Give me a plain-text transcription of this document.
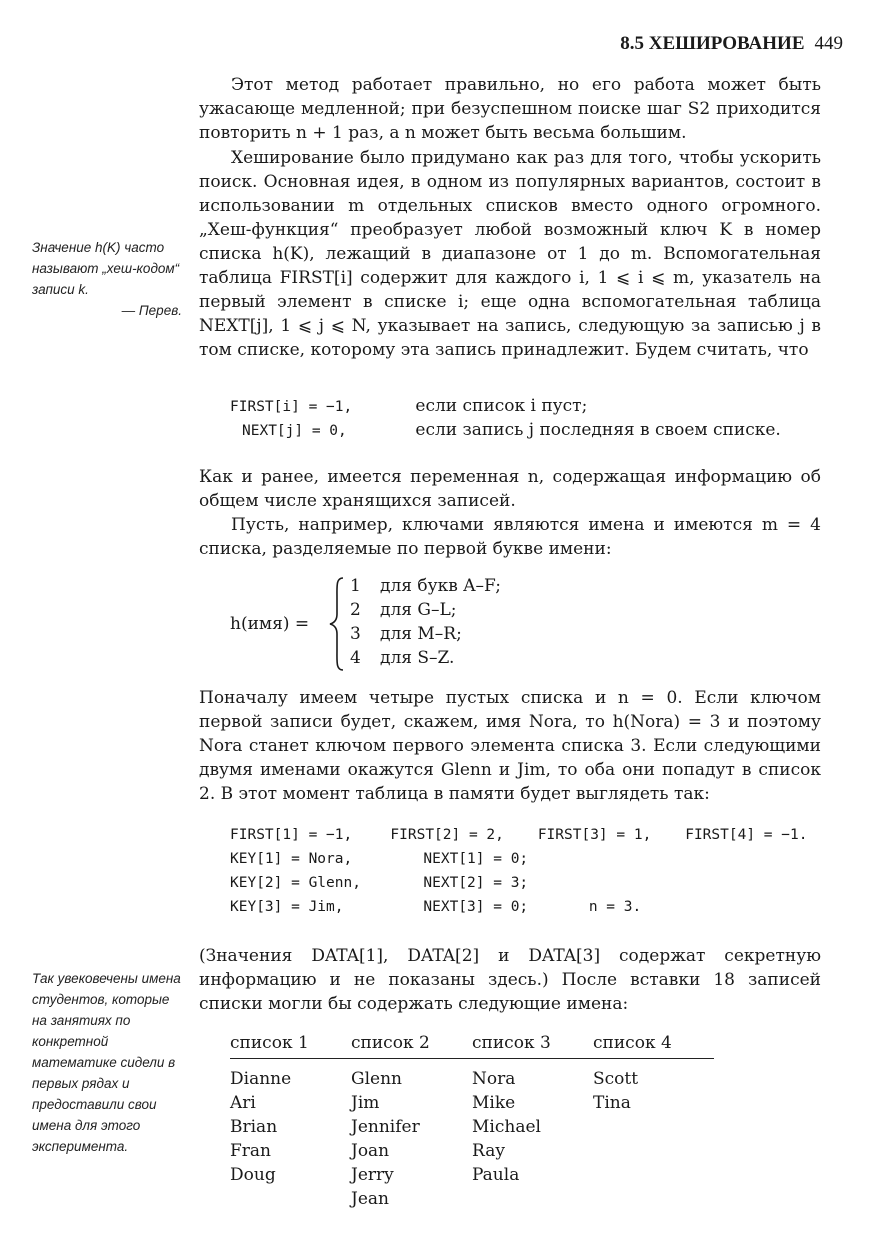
8.5 ХЕШИРОВАНИЕ 449

Этот метод работает правильно, но его работа может быть ужасающе медленной; при безуспешном поиске шаг S2 приходится повторить n + 1 раз, а n может быть весьма большим.

Хеширование было придумано как раз для того, чтобы ускорить поиск. Основная идея, в одном из популярных вариантов, состоит в использовании m отдельных списков вместо одного огромного. „Хеш-функция“ преобразует любой возможный ключ K в номер списка h(K), лежащий в диапазоне от 1 до m. Вспомогательная таблица FIRST[i] содержит для каждого i, 1 ⩽ i ⩽ m, указатель на первый элемент в списке i; еще одна вспомогательная таблица NEXT[j], 1 ⩽ j ⩽ N, указывает на запись, следующую за записью j в том списке, которому эта запись принадлежит. Будем считать, что

Значение h(K) часто называют „хеш-кодом“ записи k.
— Перев.
FIRST[i] = −1,	если список i пуст;
NEXT[j] = 0,	если запись j последняя в своем списке.

Как и ранее, имеется переменная n, содержащая информацию об общем числе хранящихся записей.

Пусть, например, ключами являются имена и имеются m = 4 списка, разделяемые по первой букве имени:

h(имя) =
1 для букв A–F;
2 для G–L;
3 для M–R;
4 для S–Z.

Поначалу имеем четыре пустых списка и n = 0. Если ключом первой записи будет, скажем, имя Nora, то h(Nora) = 3 и поэтому Nora станет ключом первого элемента списка 3. Если следующими двумя именами окажутся Glenn и Jim, то оба они попадут в список 2. В этот момент таблица в памяти будет выглядеть так:

FIRST[1] = −1,	FIRST[2] = 2, FIRST[3] = 1, FIRST[4] = −1.
KEY[1] = Nora,	NEXT[1] = 0;
KEY[2] = Glenn,	NEXT[2] = 3;
KEY[3] = Jim,	NEXT[3] = 0;	n = 3.

(Значения DATA[1], DATA[2] и DATA[3] содержат секретную информацию и не показаны здесь.) После вставки 18 записей списки могли бы содержать следующие имена:

Так увековечены имена студентов, которые на занятиях по конкретной математике сидели в первых рядах и предоставили свои имена для этого эксперимента.
список 1	список 2	список 3	список 4
Dianne	Glenn	Nora	Scott
Ari	Jim	Mike	Tina
Brian	Jennifer	Michael	
Fran	Joan	Ray	
Doug	Jerry	Paula	
	Jean		
